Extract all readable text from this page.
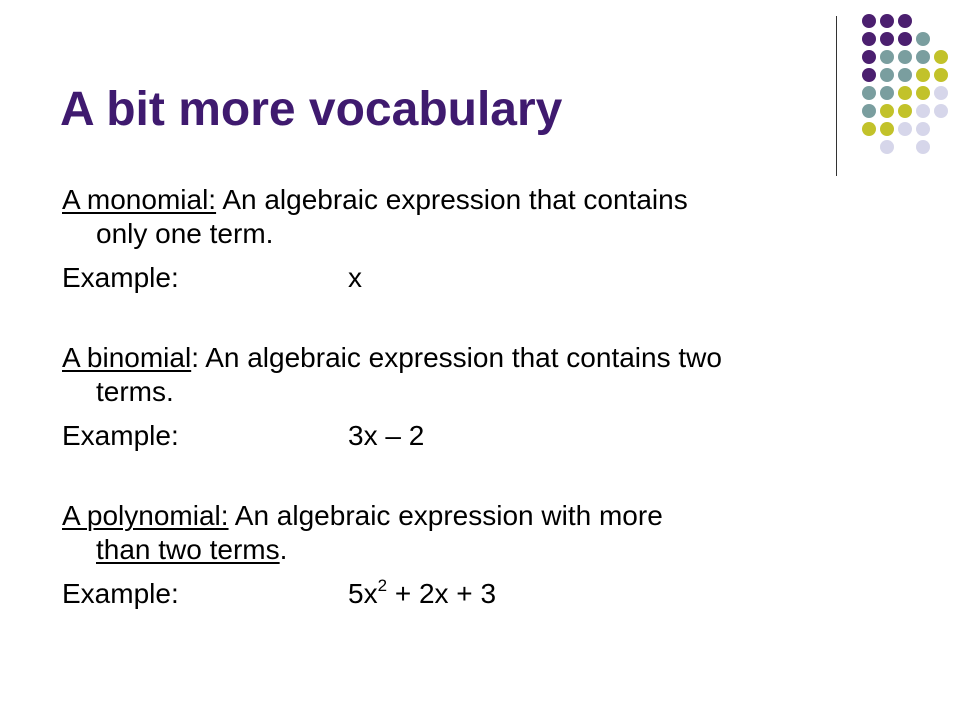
A bit more vocabulary
A monomial: An algebraic expression that contains
only one term.
Example:	x
A binomial: An algebraic expression that contains two
terms.
Example:	3x – 2
A polynomial: An algebraic expression with more
than two terms.
Example:	$5x^2 + 2x + 3$
